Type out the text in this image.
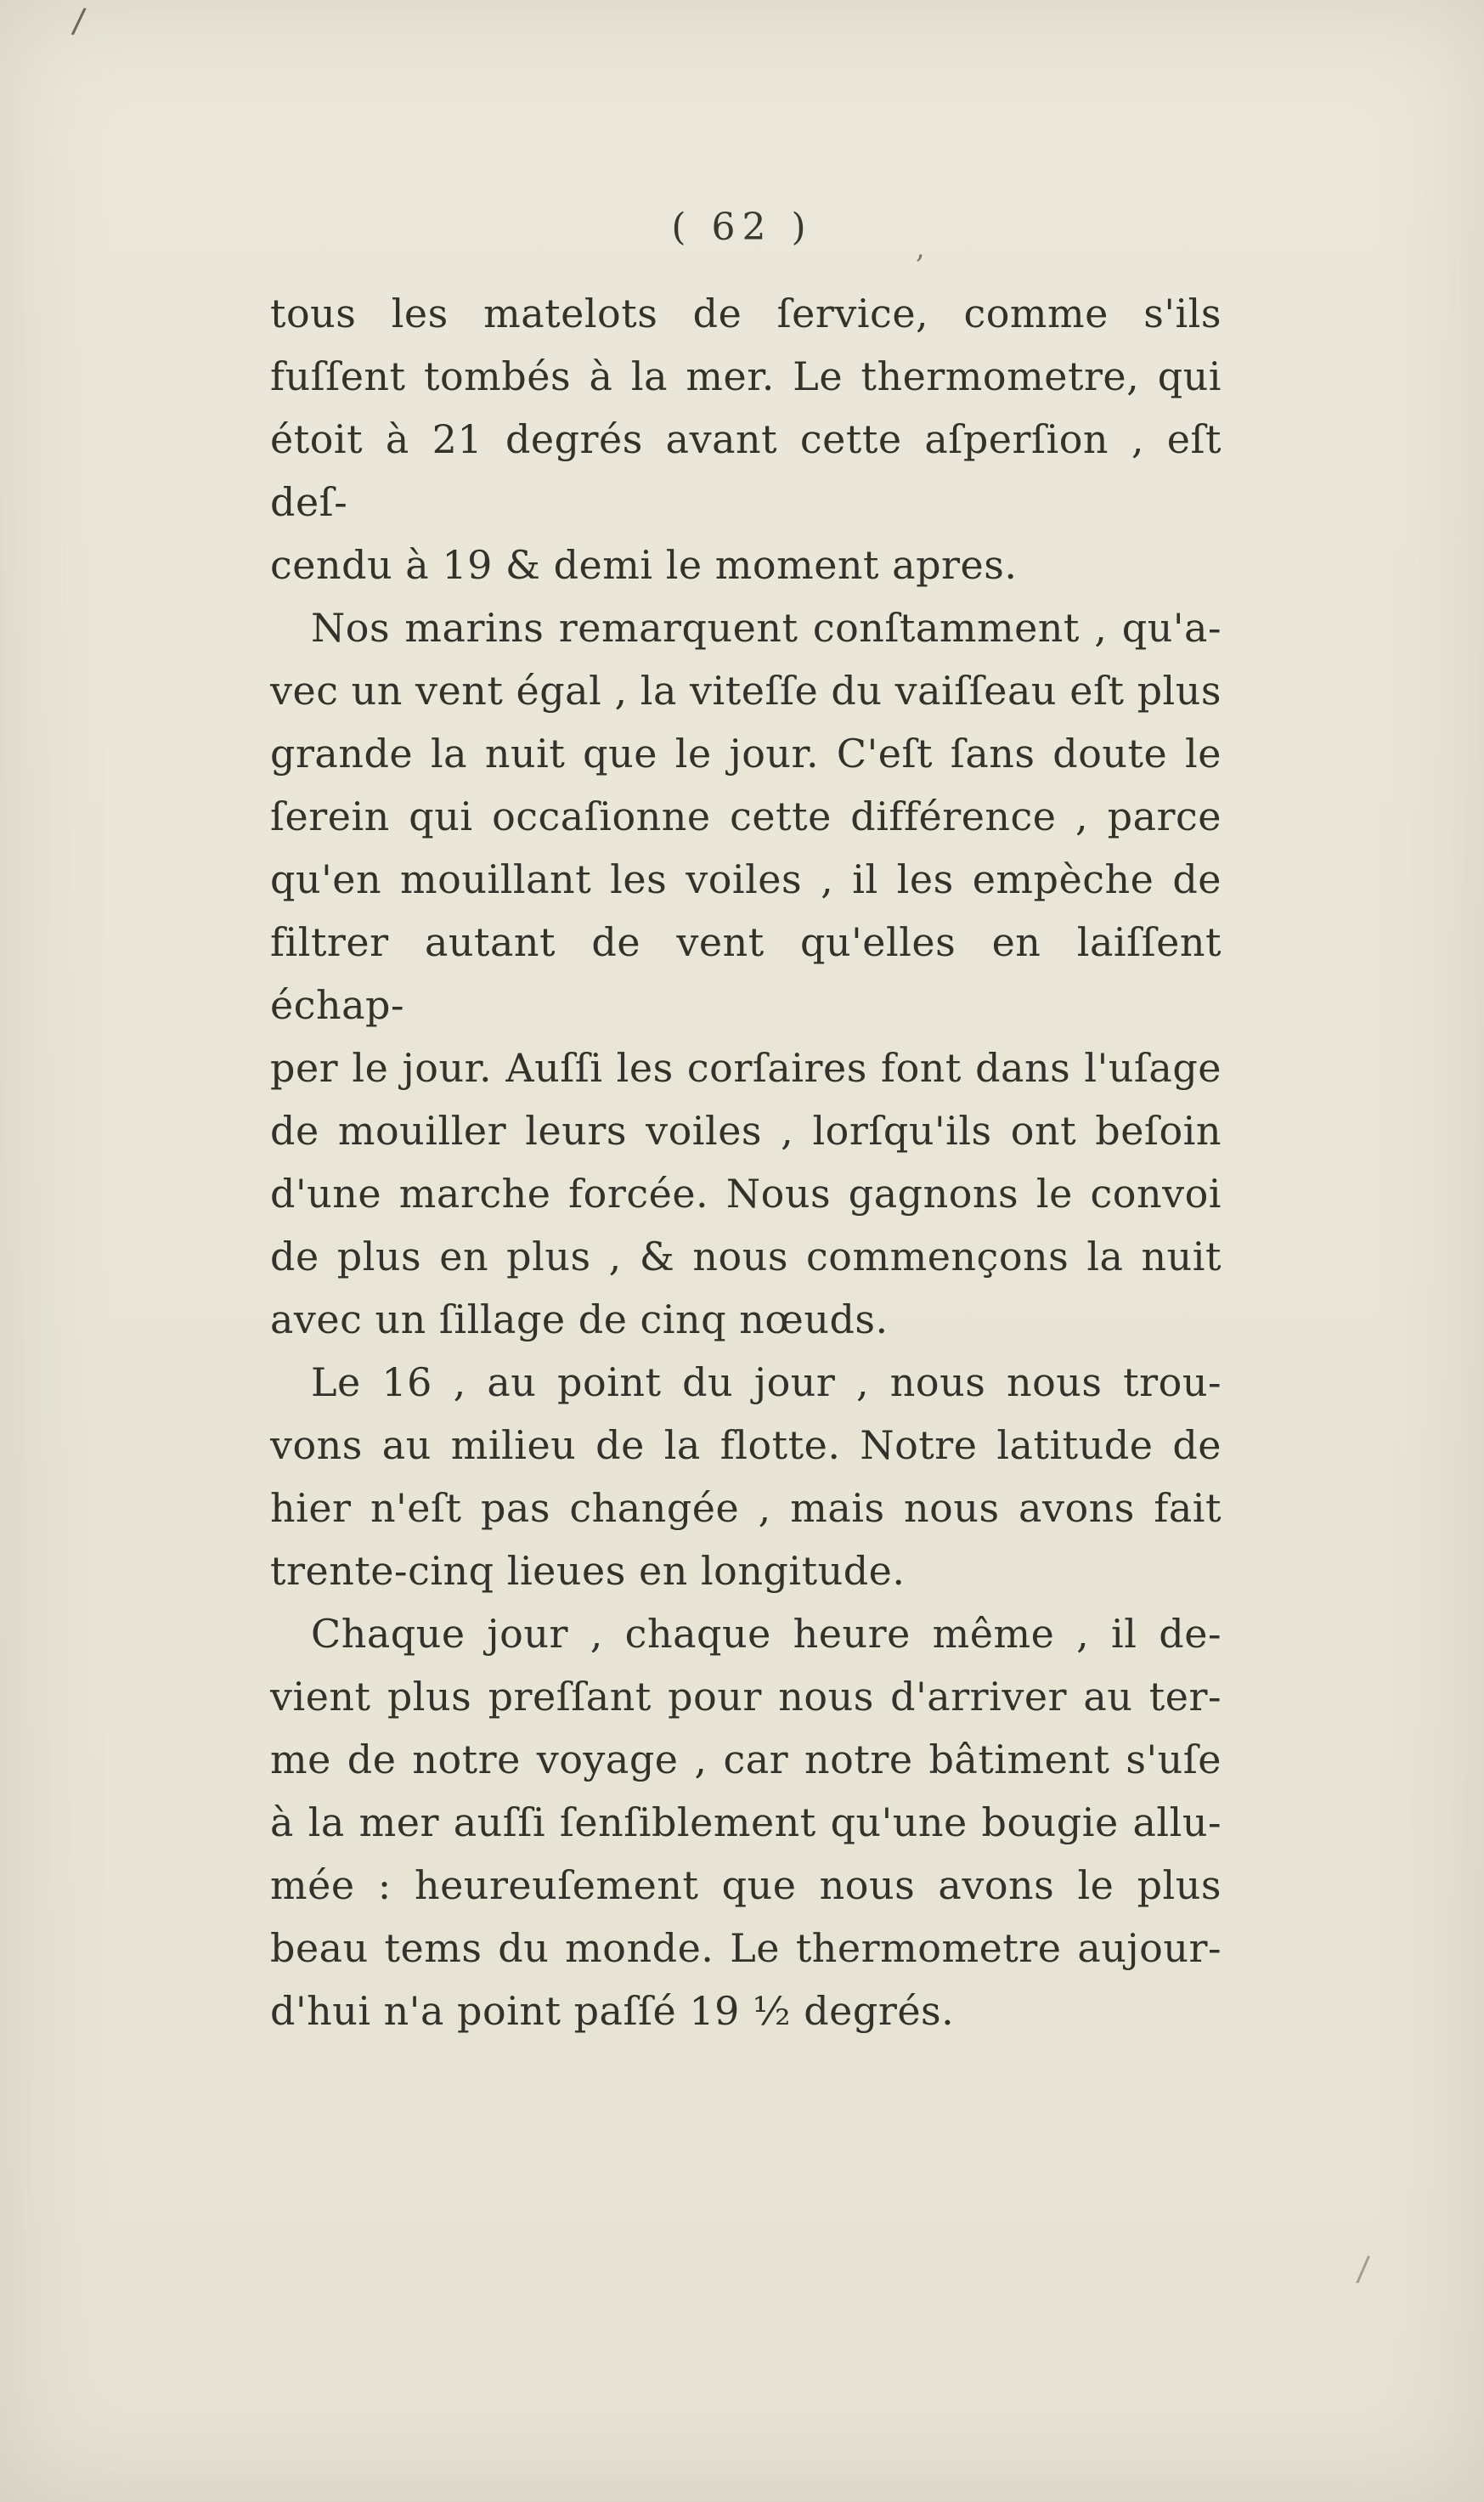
/
( 62 )	,
tous les matelots de ſervice, comme s'ils
fuſſent tombés à la mer. Le thermometre, qui
étoit à 21 degrés avant cette aſperſion , eſt deſ-
cendu à 19 & demi le moment apres.
Nos marins remarquent conſtamment , qu'a-
vec un vent égal , la viteſſe du vaiſſeau eſt plus
grande la nuit que le jour. C'eſt ſans doute le
ſerein qui occaſionne cette différence , parce
qu'en mouillant les voiles , il les empèche de
filtrer autant de vent qu'elles en laiſſent échap-
per le jour. Auſſi les corſaires font dans l'uſage
de mouiller leurs voiles , lorſqu'ils ont beſoin
d'une marche forcée. Nous gagnons le convoi
de plus en plus , & nous commençons la nuit
avec un ſillage de cinq nœuds.
Le 16 , au point du jour , nous nous trou-
vons au milieu de la flotte. Notre latitude de
hier n'eſt pas changée , mais nous avons fait
trente-cinq lieues en longitude.
Chaque jour , chaque heure même , il de-
vient plus preſſant pour nous d'arriver au ter-
me de notre voyage , car notre bâtiment s'uſe
à la mer auſſi ſenſiblement qu'une bougie allu-
mée : heureuſement que nous avons le plus
beau tems du monde. Le thermometre aujour-
d'hui n'a point paſſé 19 ½ degrés.
/
